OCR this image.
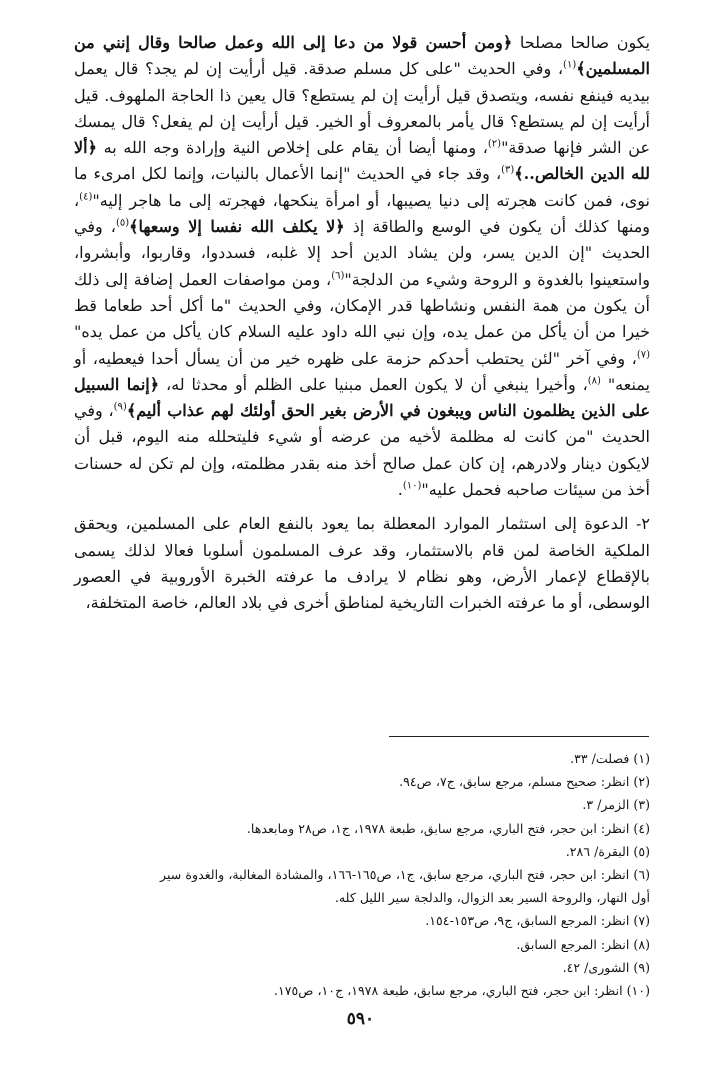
يكون صالحا مصلحا ﴿ومن أحسن قولا من دعا إلى الله وعمل صالحا وقال إنني من المسلمين﴾$^{(١)}$، وفي الحديث "على كل مسلم صدقة. قيل أرأيت إن لم يجد؟ قال يعمل بيديه فينفع نفسه، ويتصدق قيل أرأيت إن لم يستطع؟ قال يعين ذا الحاجة الملهوف. قيل أرأيت إن لم يستطع؟ قال يأمر بالمعروف أو الخير. قيل أرأيت إن لم يفعل؟ قال يمسك عن الشر فإنها صدقة"$^{(٢)}$، ومنها أيضا أن يقام على إخلاص النية وإرادة وجه الله به ﴿ألا لله الدين الخالص..﴾$^{(٣)}$، وقد جاء في الحديث "إنما الأعمال بالنيات، وإنما لكل امرىء ما نوى، فمن كانت هجرته إلى دنيا يصيبها، أو امرأة ينكحها، فهجرته إلى ما هاجر إليه"$^{(٤)}$، ومنها كذلك أن يكون في الوسع والطاقة إذ ﴿لا يكلف الله نفسا إلا وسعها﴾$^{(٥)}$، وفي الحديث "إن الدين يسر، ولن يشاد الدين أحد إلا غلبه، فسددوا، وقاربوا، وأبشروا، واستعينوا بالغدوة و الروحة وشيء من الدلجة"$^{(٦)}$، ومن مواصفات العمل إضافة إلى ذلك أن يكون من همة النفس ونشاطها قدر الإمكان، وفي الحديث "ما أكل أحد طعاما قط خيرا من أن يأكل من عمل يده، وإن نبي الله داود عليه السلام كان يأكل من عمل يده"$^{(٧)}$، وفي آخر "لئن يحتطب أحدكم حزمة على ظهره خير من أن يسأل أحدا فيعطيه، أو يمنعه" $^{(٨)}$، وأخيرا ينبغي أن لا يكون العمل مبنيا على الظلم أو محدثا له، ﴿إنما السبيل على الذين يظلمون الناس ويبغون في الأرض بغير الحق أولئك لهم عذاب أليم﴾$^{(٩)}$، وفي الحديث "من كانت له مظلمة لأخيه من عرضه أو شيء فليتحلله منه اليوم، قبل أن لايكون دينار ولادرهم، إن كان عمل صالح أخذ منه بقدر مظلمته، وإن لم تكن له حسنات أخذ من سيئات صاحبه فحمل عليه"$^{(١٠)}$.

٢- الدعوة إلى استثمار الموارد المعطلة بما يعود بالنفع العام على المسلمين، ويحقق الملكية الخاصة لمن قام بالاستثمار، وقد عرف المسلمون أسلوبا فعالا لذلك يسمى بالإقطاع لإعمار الأرض، وهو نظام لا يرادف ما عرفته الخبرة الأوروبية في العصور الوسطى، أو ما عرفته الخبرات التاريخية لمناطق أخرى في بلاد العالم، خاصة المتخلفة،

(١) فصلت/ ٣٣.

(٢) انظر: صحيح مسلم، مرجع سابق، ج٧، ص٩٤.

(٣) الزمر/ ٣.

(٤) انظر: ابن حجر، فتح الباري، مرجع سابق، طبعة ١٩٧٨، ج١، ص٢٨ ومابعدها.

(٥) البقرة/ ٢٨٦.

(٦) انظر: ابن حجر، فتح الباري، مرجع سابق، ج١، ص١٦٥-١٦٦، والمشادة المغالبة، والغدوة سير أول النهار، والروحة السير بعد الزوال، والدلجة سير الليل كله.

(٧) انظر: المرجع السابق، ج٩، ص١٥٣-١٥٤.

(٨) انظر: المرجع السابق.

(٩) الشورى/ ٤٢.

(١٠) انظر: ابن حجر، فتح الباري، مرجع سابق، طبعة ١٩٧٨، ج١٠، ص١٧٥.

٥٩٠
